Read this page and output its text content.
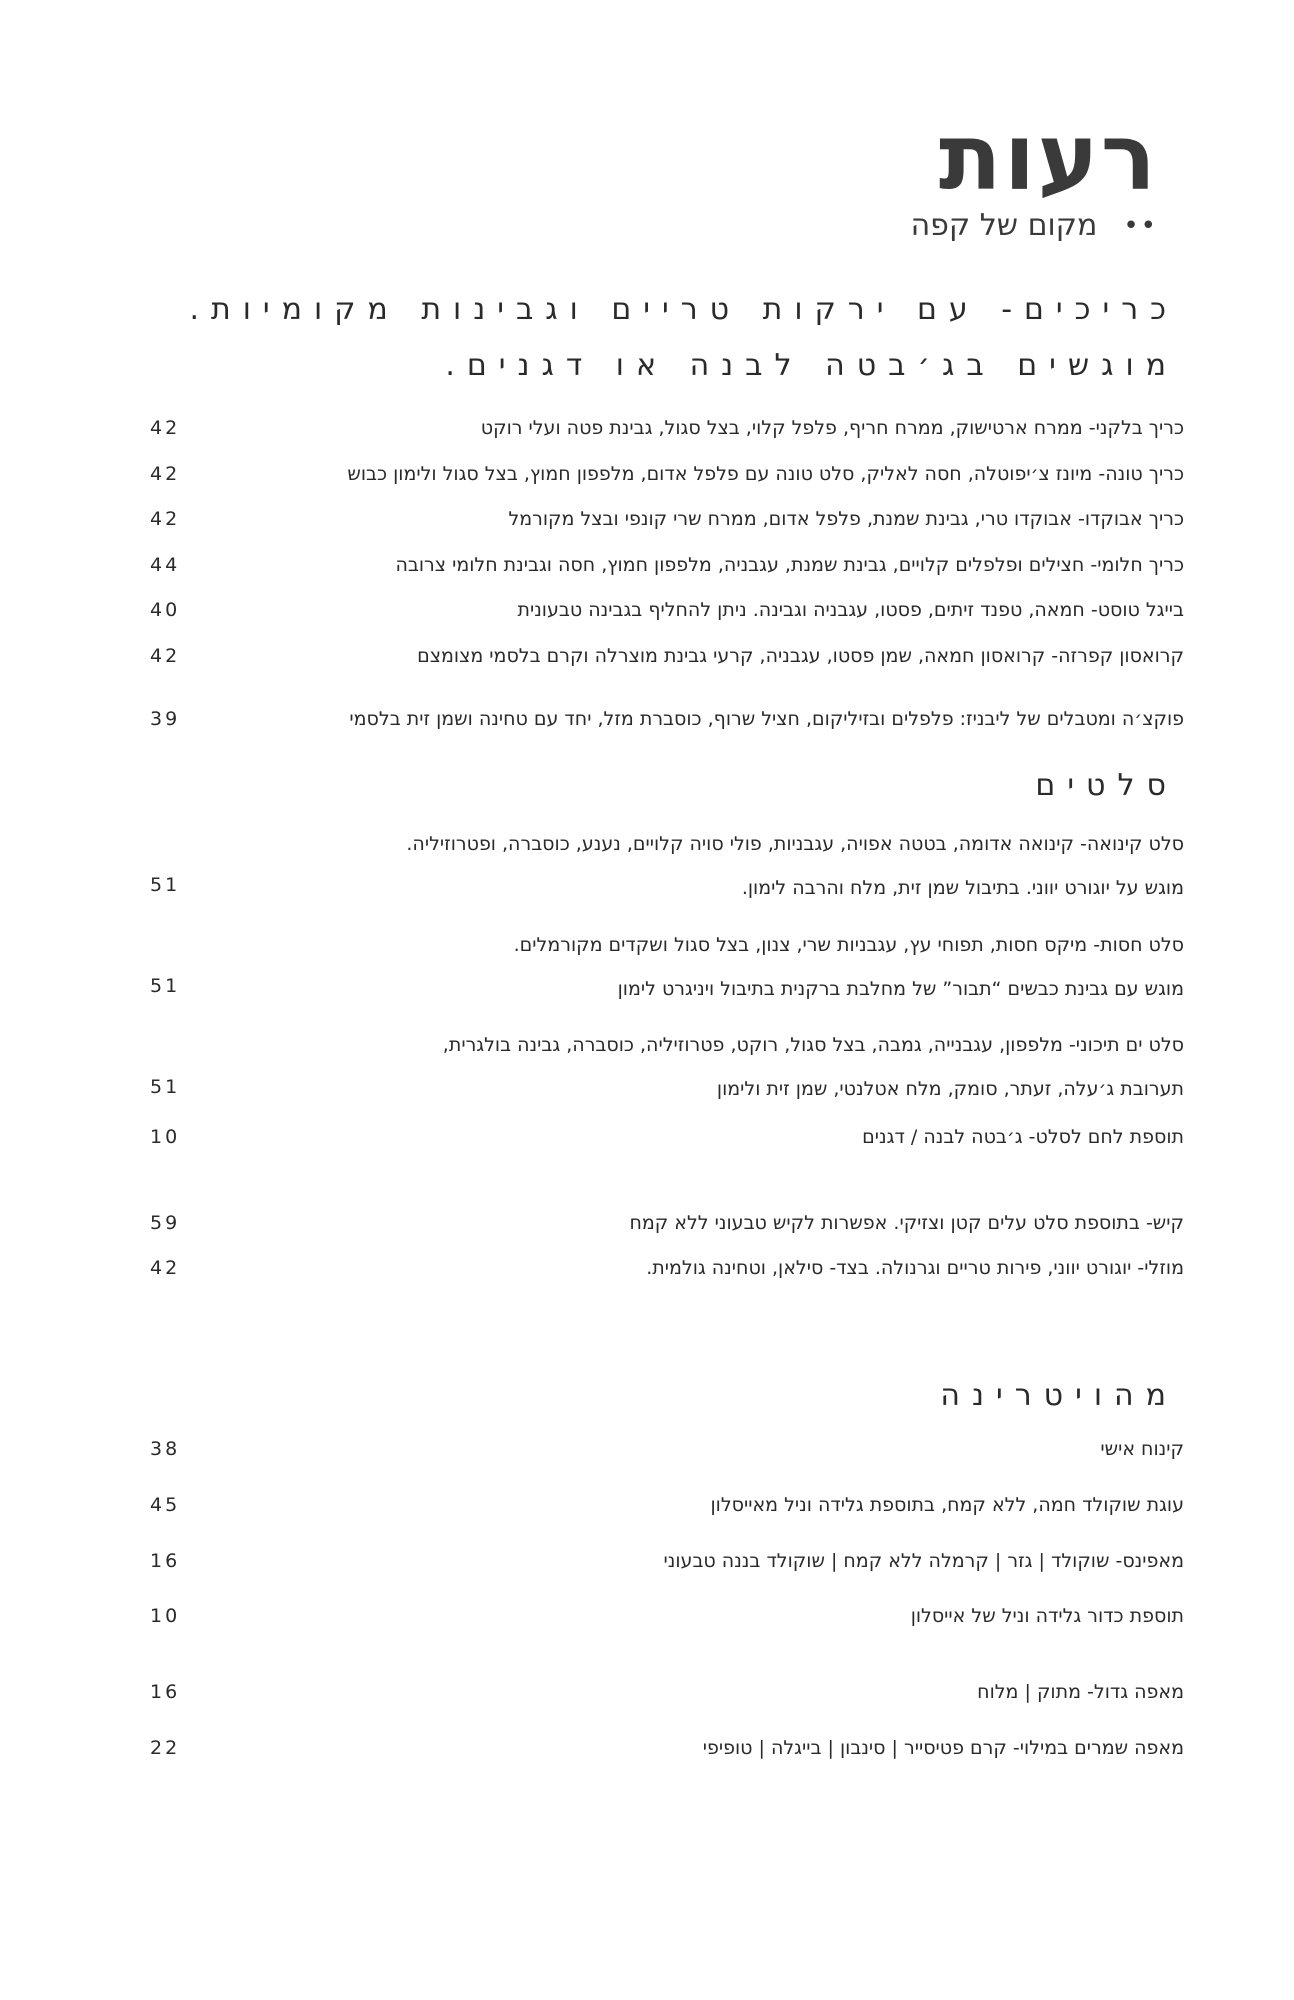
רעות
מקום של קפה ••
כריכים- עם ירקות טריים וגבינות מקומיות.
מוגשים בג׳בטה לבנה או דגנים.
כריך בלקני- ממרח ארטישוק, ממרח חריף, פלפל קלוי, בצל סגול, גבינת פטה ועלי רוקט
42
כריך טונה- מיונז צ׳יפוטלה, חסה לאליק, סלט טונה עם פלפל אדום, מלפפון חמוץ, בצל סגול ולימון כבוש
42
כריך אבוקדו- אבוקדו טרי, גבינת שמנת, פלפל אדום, ממרח שרי קונפי ובצל מקורמל
42
כריך חלומי- חצילים ופלפלים קלויים, גבינת שמנת, עגבניה, מלפפון חמוץ, חסה וגבינת חלומי צרובה
44
בייגל טוסט- חמאה, טפנד זיתים, פסטו, עגבניה וגבינה. ניתן להחליף בגבינה טבעונית
40
קרואסון קפרזה- קרואסון חמאה, שמן פסטו, עגבניה, קרעי גבינת מוצרלה וקרם בלסמי מצומצם
42
פוקצ׳ה ומטבלים של ליבניז: פלפלים ובזיליקום, חציל שרוף, כוסברת מזל, יחד עם טחינה ושמן זית בלסמי
39
סלטים
סלט קינואה- קינואה אדומה, בטטה אפויה, עגבניות, פולי סויה קלויים, נענע, כוסברה, ופטרוזיליה.
מוגש על יוגורט יווני. בתיבול שמן זית, מלח והרבה לימון.
51
סלט חסות- מיקס חסות, תפוחי עץ, עגבניות שרי, צנון, בצל סגול ושקדים מקורמלים.
מוגש עם גבינת כבשים “תבור” של מחלבת ברקנית בתיבול ויניגרט לימון
51
סלט ים תיכוני- מלפפון, עגבנייה, גמבה, בצל סגול, רוקט, פטרוזיליה, כוסברה, גבינה בולגרית,
תערובת ג׳עלה, זעתר, סומק, מלח אטלנטי, שמן זית ולימון
51
תוספת לחם לסלט- ג׳בטה לבנה / דגנים
10
קיש- בתוספת סלט עלים קטן וצזיקי. אפשרות לקיש טבעוני ללא קמח
59
מוזלי- יוגורט יווני, פירות טריים וגרנולה. בצד- סילאן, וטחינה גולמית.
42
מהויטרינה
קינוח אישי
38
עוגת שוקולד חמה, ללא קמח, בתוספת גלידה וניל מאייסלון
45
מאפינס- שוקולד | גזר | קרמלה ללא קמח | שוקולד בננה טבעוני
16
תוספת כדור גלידה וניל של אייסלון
10
מאפה גדול- מתוק | מלוח
16
מאפה שמרים במילוי- קרם פטיסייר | סינבון | בייגלה | טופיפי
22
